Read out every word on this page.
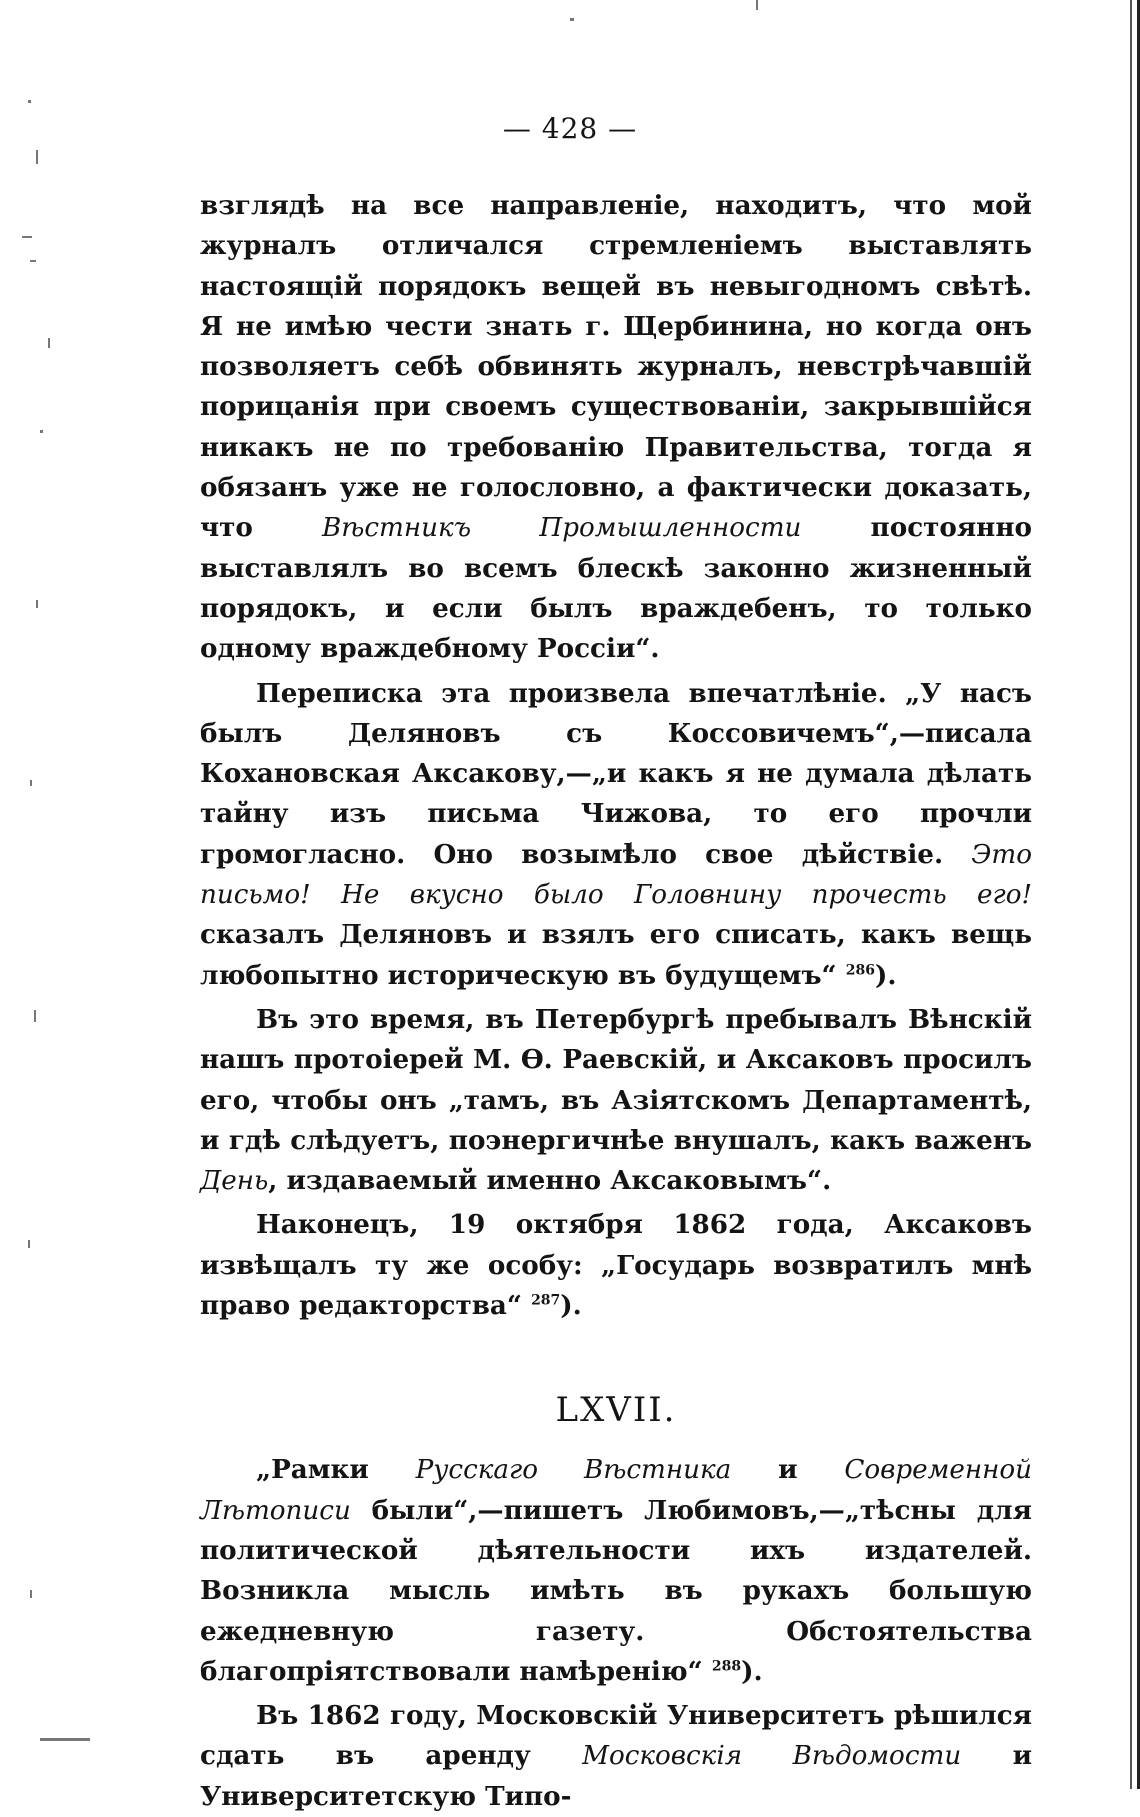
— 428 —

взглядѣ на все направленіе, находитъ, что мой журналъ отличался стремленіемъ выставлять настоящій порядокъ вещей въ невыгодномъ свѣтѣ. Я не имѣю чести знать г. Щербинина, но когда онъ позволяетъ себѣ обвинять журналъ, невстрѣчавшій порицанія при своемъ существованіи, закрывшійся никакъ не по требованію Правительства, тогда я обязанъ уже не голословно, а фактически доказать, что Вѣстникъ Промышленности постоянно выставлялъ во всемъ блескѣ законно жизненный порядокъ, и если былъ враждебенъ, то только одному враждебному Россіи“.

Переписка эта произвела впечатлѣніе. „У насъ былъ Деляновъ съ Коссовичемъ“,—писала Кохановская Аксакову,—„и какъ я не думала дѣлать тайну изъ письма Чижова, то его прочли громогласно. Оно возымѣло свое дѣйствіе. Это письмо! Не вкусно было Головнину прочесть его! сказалъ Деляновъ и взялъ его списать, какъ вещь любопытно историческую въ будущемъ“ $^{286}$).

Въ это время, въ Петербургѣ пребывалъ Вѣнскій нашъ протоіерей М. Ѳ. Раевскій, и Аксаковъ просилъ его, чтобы онъ „тамъ, въ Азіятскомъ Департаментѣ, и гдѣ слѣдуетъ, поэнергичнѣе внушалъ, какъ важенъ День, издаваемый именно Аксаковымъ“.

Наконецъ, 19 октября 1862 года, Аксаковъ извѣщалъ ту же особу: „Государь возвратилъ мнѣ право редакторства“ $^{287}$).

LXVII.

„Рамки Русскаго Вѣстника и Современной Лѣтописи были“,—пишетъ Любимовъ,—„тѣсны для политической дѣятельности ихъ издателей. Возникла мысль имѣть въ рукахъ большую ежедневную газету. Обстоятельства благопріятствовали намѣренію“ $^{288}$).

Въ 1862 году, Московскій Университетъ рѣшился сдать въ аренду Московскія Вѣдомости и Университетскую Типо-
